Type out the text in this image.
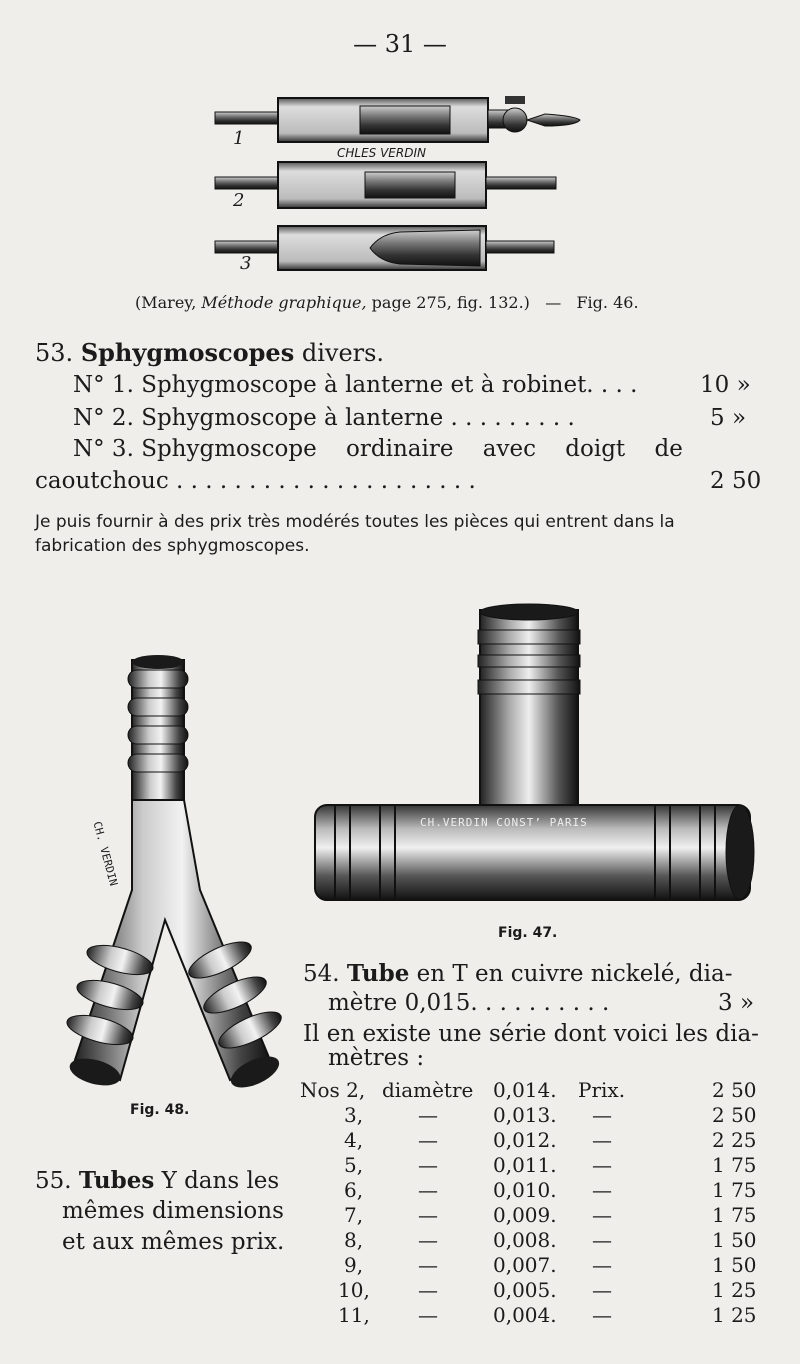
— 31 —
1
CHLES VERDIN
2
3
(Marey, Méthode graphique, page 275, fig. 132.) — Fig. 46.
53. Sphygmoscopes divers.
N° 1. Sphygmoscope à lanterne et à robinet. . . .	10 »
N° 2. Sphygmoscope à lanterne . . . . . . . . .	5 »
N° 3. Sphygmoscope ordinaire avec doigt de
caoutchouc . . . . . . . . . . . . . . . . . . . . .	2 50
Je puis fournir à des prix très modérés toutes les pièces qui entrent dans la fabrication des sphygmoscopes.
CH.VERDIN CONST’ PARIS
Fig. 47.
CH. VERDIN
Fig. 48.
54. Tube en T en cuivre nickelé, dia-
mètre 0,015. . . . . . . . . .	3 »
Il en existe une série dont voici les dia-
mètres :
Nos 2, diamètre 0,014. Prix.	2 50
3,	—	0,013. —	2 50
4,	—	0,012. —	2 25
5,	—	0,011. —	1 75
6,	—	0,010. —	1 75
7,	—	0,009. —	1 75
8,	—	0,008. —	1 50
9,	—	0,007. —	1 50
10, —	0,005. —	1 25
11, —	0,004. —	1 25
55. Tubes Y dans les
mêmes dimensions
et aux mêmes prix.
